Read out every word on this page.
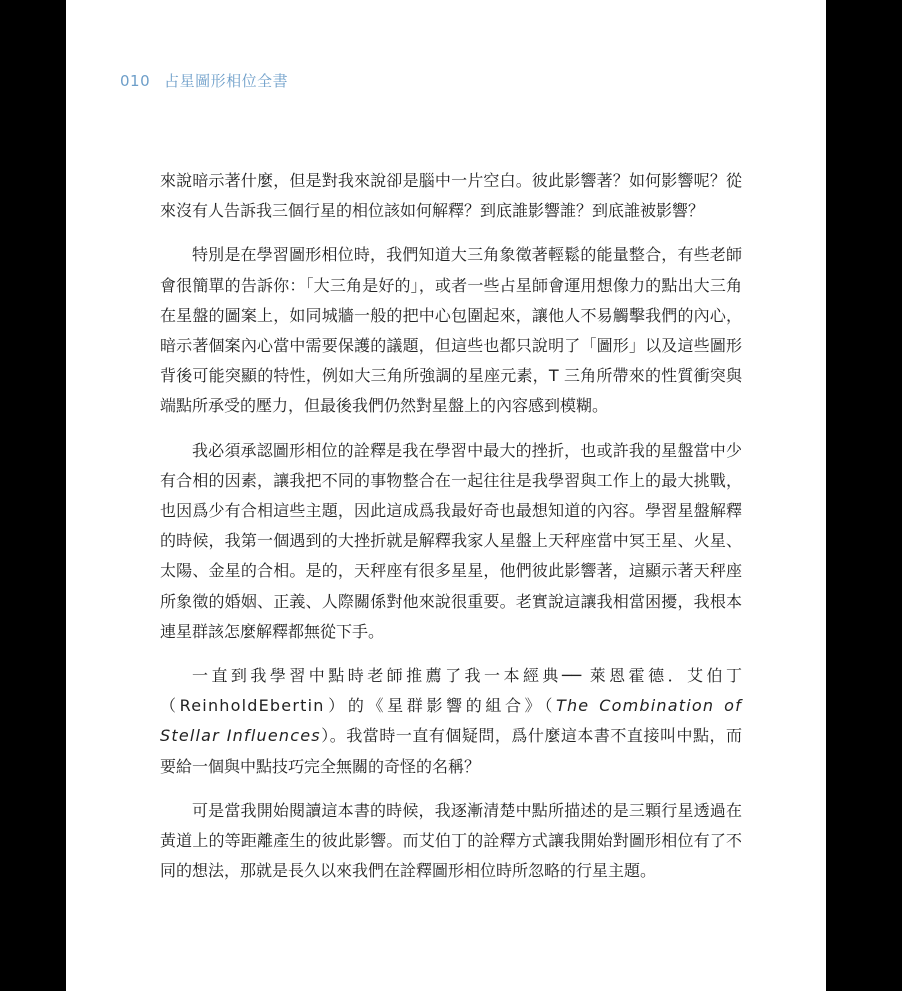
010 占星圖形相位全書

來說暗示著什麼，但是對我來說卻是腦中一片空白。彼此影響著？如何影響呢？從來沒有人告訴我三個行星的相位該如何解釋？到底誰影響誰？到底誰被影響？

特別是在學習圖形相位時，我們知道大三角象徵著輕鬆的能量整合，有些老師會很簡單的告訴你：「大三角是好的」，或者一些占星師會運用想像力的點出大三角在星盤的圖案上，如同城牆一般的把中心包圍起來，讓他人不易觸擊我們的內心，暗示著個案內心當中需要保護的議題，但這些也都只說明了「圖形」以及這些圖形背後可能突顯的特性，例如大三角所強調的星座元素，T 三角所帶來的性質衝突與端點所承受的壓力，但最後我們仍然對星盤上的內容感到模糊。

我必須承認圖形相位的詮釋是我在學習中最大的挫折，也或許我的星盤當中少有合相的因素，讓我把不同的事物整合在一起往往是我學習與工作上的最大挑戰，也因爲少有合相這些主題，因此這成爲我最好奇也最想知道的內容。學習星盤解釋的時候，我第一個遇到的大挫折就是解釋我家人星盤上天秤座當中冥王星、火星、太陽、金星的合相。是的，天秤座有很多星星，他們彼此影響著，這顯示著天秤座所象徵的婚姻、正義、人際關係對他來說很重要。老實說這讓我相當困擾，我根本連星群該怎麼解釋都無從下手。

一直到我學習中點時老師推薦了我一本經典── 萊恩霍德．艾伯丁（ReinholdEbertin）的《星群影響的組合》（The Combination of Stellar Influences）。我當時一直有個疑問，爲什麼這本書不直接叫中點，而要給一個與中點技巧完全無關的奇怪的名稱？

可是當我開始閱讀這本書的時候，我逐漸清楚中點所描述的是三顆行星透過在黃道上的等距離產生的彼此影響。而艾伯丁的詮釋方式讓我開始對圖形相位有了不同的想法，那就是長久以來我們在詮釋圖形相位時所忽略的行星主題。
